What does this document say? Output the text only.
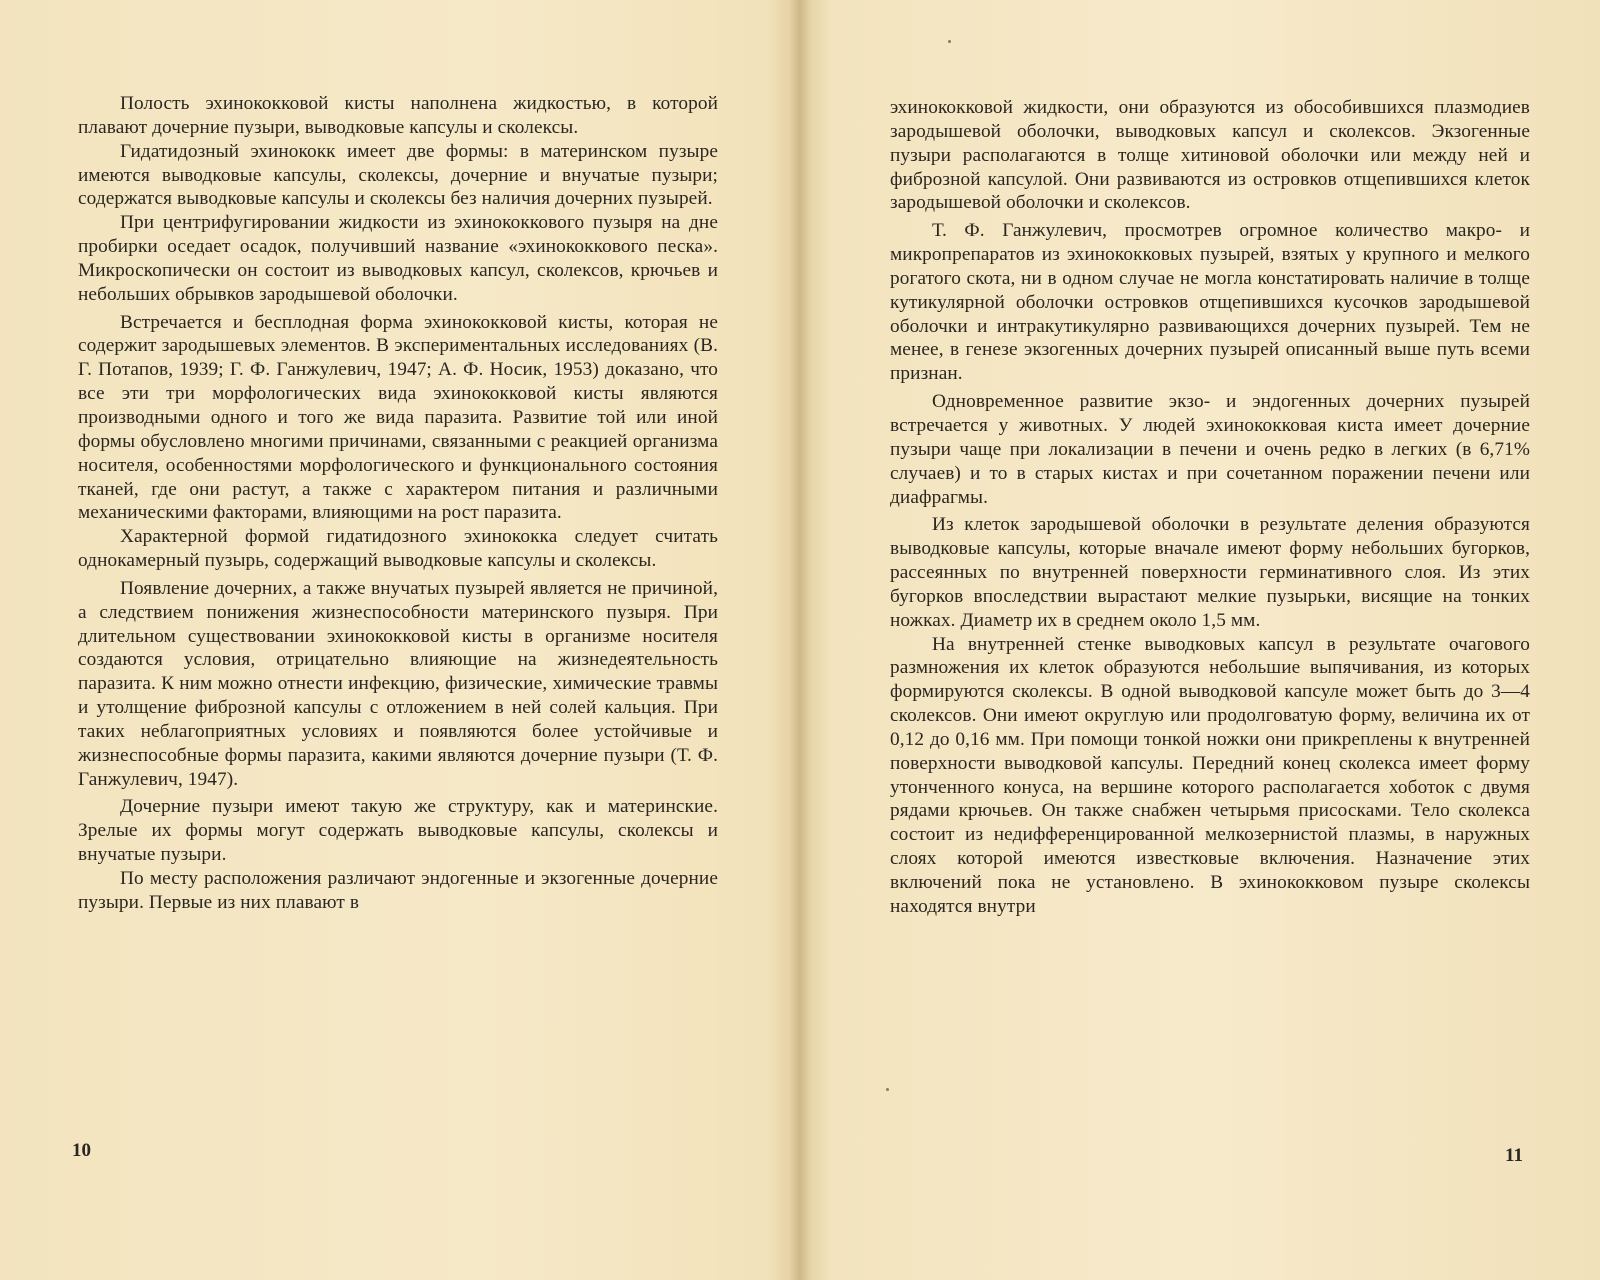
Полость эхинококковой кисты наполнена жидкостью, в которой плавают дочерние пузыри, выводковые капсулы и сколексы.

Гидатидозный эхинококк имеет две формы: в материнском пузыре имеются выводковые капсулы, сколексы, дочерние и внучатые пузыри; содержатся выводковые капсулы и сколексы без наличия дочерних пузырей.

При центрифугировании жидкости из эхинококкового пузыря на дне пробирки оседает осадок, получивший название «эхинококкового песка». Микроскопически он состоит из выводковых капсул, сколексов, крючьев и небольших обрывков зародышевой оболочки.

Встречается и бесплодная форма эхинококковой кисты, которая не содержит зародышевых элементов. В экспериментальных исследованиях (В. Г. Потапов, 1939; Г. Ф. Ганжулевич, 1947; А. Ф. Носик, 1953) доказано, что все эти три морфологических вида эхинококковой кисты являются производными одного и того же вида паразита. Развитие той или иной формы обусловлено многими причинами, связанными с реакцией организма носителя, особенностями морфологического и функционального состояния тканей, где они растут, а также с характером питания и различными механическими факторами, влияющими на рост паразита.

Характерной формой гидатидозного эхинококка следует считать однокамерный пузырь, содержащий выводковые капсулы и сколексы.

Появление дочерних, а также внучатых пузырей является не причиной, а следствием понижения жизнеспособности материнского пузыря. При длительном существовании эхинококковой кисты в организме носителя создаются условия, отрицательно влияющие на жизнедеятельность паразита. К ним можно отнести инфекцию, физические, химические травмы и утолщение фиброзной капсулы с отложением в ней солей кальция. При таких неблагоприятных условиях и появляются более устойчивые и жизнеспособные формы паразита, какими являются дочерние пузыри (Т. Ф. Ганжулевич, 1947).

Дочерние пузыри имеют такую же структуру, как и материнские. Зрелые их формы могут содержать выводковые капсулы, сколексы и внучатые пузыри.

По месту расположения различают эндогенные и экзогенные дочерние пузыри. Первые из них плавают в

10

эхинококковой жидкости, они образуются из обособившихся плазмодиев зародышевой оболочки, выводковых капсул и сколексов. Экзогенные пузыри располагаются в толще хитиновой оболочки или между ней и фиброзной капсулой. Они развиваются из островков отщепившихся клеток зародышевой оболочки и сколексов.

Т. Ф. Ганжулевич, просмотрев огромное количество макро- и микропрепаратов из эхинококковых пузырей, взятых у крупного и мелкого рогатого скота, ни в одном случае не могла констатировать наличие в толще кутикулярной оболочки островков отщепившихся кусочков зародышевой оболочки и интракутикулярно развивающихся дочерних пузырей. Тем не менее, в генезе экзогенных дочерних пузырей описанный выше путь всеми признан.

Одновременное развитие экзо- и эндогенных дочерних пузырей встречается у животных. У людей эхинококковая киста имеет дочерние пузыри чаще при локализации в печени и очень редко в легких (в 6,71% случаев) и то в старых кистах и при сочетанном поражении печени или диафрагмы.

Из клеток зародышевой оболочки в результате деления образуются выводковые капсулы, которые вначале имеют форму небольших бугорков, рассеянных по внутренней поверхности герминативного слоя. Из этих бугорков впоследствии вырастают мелкие пузырьки, висящие на тонких ножках. Диаметр их в среднем около 1,5 мм.

На внутренней стенке выводковых капсул в результате очагового размножения их клеток образуются небольшие выпячивания, из которых формируются сколексы. В одной выводковой капсуле может быть до 3—4 сколексов. Они имеют округлую или продолговатую форму, величина их от 0,12 до 0,16 мм. При помощи тонкой ножки они прикреплены к внутренней поверхности выводковой капсулы. Передний конец сколекса имеет форму утонченного конуса, на вершине которого располагается хоботок с двумя рядами крючьев. Он также снабжен четырьмя присосками. Тело сколекса состоит из недифференцированной мелкозернистой плазмы, в наружных слоях которой имеются известковые включения. Назначение этих включений пока не установлено. В эхинококковом пузыре сколексы находятся внутри

11
